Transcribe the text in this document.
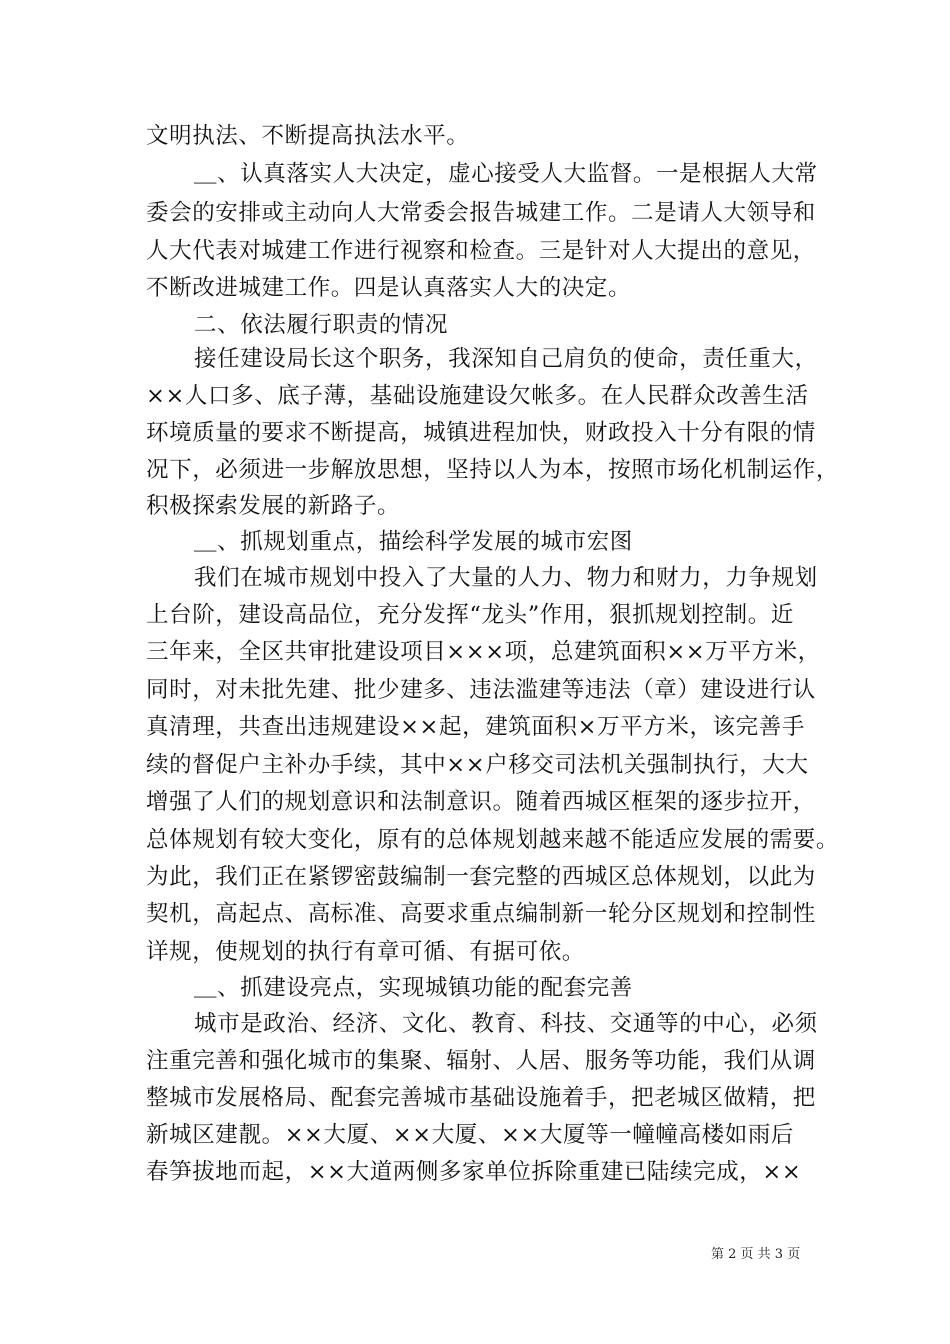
文明执法、不断提高执法水平。
＿、认真落实人大决定，虚心接受人大监督。一是根据人大常
委会的安排或主动向人大常委会报告城建工作。二是请人大领导和
人大代表对城建工作进行视察和检查。三是针对人大提出的意见，
不断改进城建工作。四是认真落实人大的决定。
二、依法履行职责的情况
接任建设局长这个职务，我深知自己肩负的使命，责任重大，
××人口多、底子薄，基础设施建设欠帐多。在人民群众改善生活
环境质量的要求不断提高，城镇进程加快，财政投入十分有限的情
况下，必须进一步解放思想，坚持以人为本，按照市场化机制运作，
积极探索发展的新路子。
＿、抓规划重点，描绘科学发展的城市宏图
我们在城市规划中投入了大量的人力、物力和财力，力争规划
上台阶，建设高品位，充分发挥“龙头”作用，狠抓规划控制。近
三年来，全区共审批建设项目×××项，总建筑面积××万平方米，
同时，对未批先建、批少建多、违法滥建等违法（章）建设进行认
真清理，共查出违规建设××起，建筑面积×万平方米，该完善手
续的督促户主补办手续，其中××户移交司法机关强制执行，大大
增强了人们的规划意识和法制意识。随着西城区框架的逐步拉开，
总体规划有较大变化，原有的总体规划越来越不能适应发展的需要。
为此，我们正在紧锣密鼓编制一套完整的西城区总体规划，以此为
契机，高起点、高标准、高要求重点编制新一轮分区规划和控制性
详规，使规划的执行有章可循、有据可依。
＿、抓建设亮点，实现城镇功能的配套完善
城市是政治、经济、文化、教育、科技、交通等的中心，必须
注重完善和强化城市的集聚、辐射、人居、服务等功能，我们从调
整城市发展格局、配套完善城市基础设施着手，把老城区做精，把
新城区建靓。××大厦、××大厦、××大厦等一幢幢高楼如雨后
春笋拔地而起，××大道两侧多家单位拆除重建已陆续完成，××
第 2 页 共 3 页
